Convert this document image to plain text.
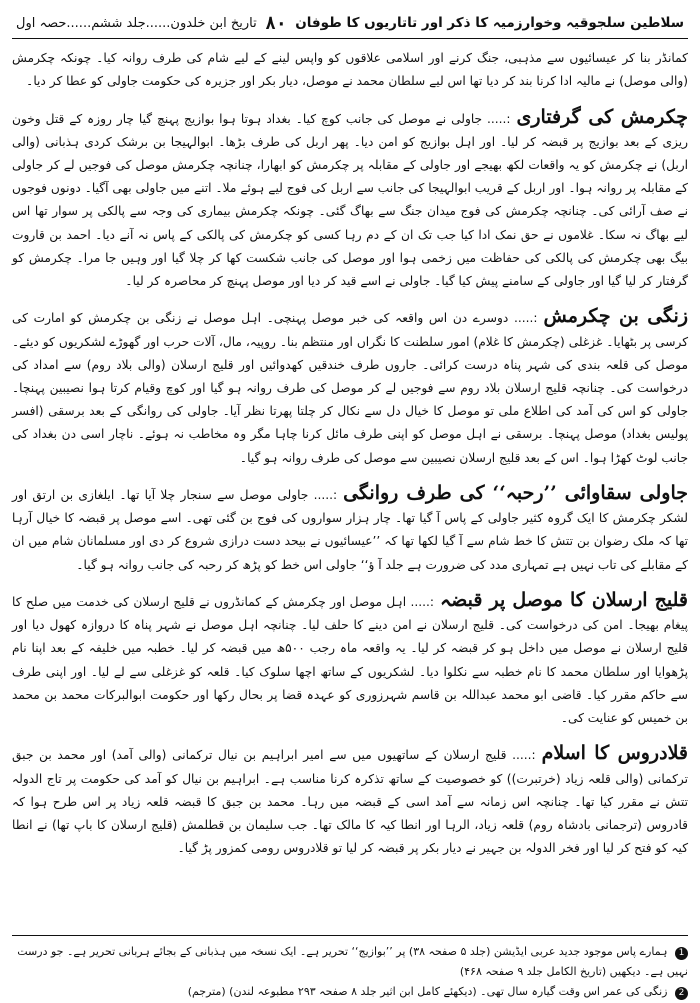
سلاطین سلجوقیہ وخوارزمیہ کا ذکر اور تاتاریوں کا طوفان
۸۰
تاریخ ابن خلدون......جلد ششم......حصہ اول

کمانڈر بنا کر عیسائیوں سے مذہبی، جنگ کرنے اور اسلامی علاقوں کو واپس لینے کے لیے شام کی طرف روانہ کیا۔ چونکہ چکرمش (والی موصل) نے مالیہ ادا کرنا بند کر دیا تھا اس لیے سلطان محمد نے موصل، دیار بکر اور جزیرہ کی حکومت جاولی کو عطا کر دیا۔

چکرمش کی گرفتاری:..... جاولی نے موصل کی جانب کوچ کیا۔ بغداد ہوتا ہوا بوازیج پہنچ گیا چار روزہ کے قتل وخون ریزی کے بعد بوازیج پر قبضہ کر لیا۔ اور اہل بوازیج کو امن دیا۔ پھر اربل کی طرف بڑھا۔ ابوالہیجا بن برشک کردی ہذبانی (والی اربل) نے چکرمش کو یہ واقعات لکھ بھیجے اور جاولی کے مقابلہ پر چکرمش کو ابھارا، چنانچہ چکرمش موصل کی فوجیں لے کر جاولی کے مقابلہ پر روانہ ہوا۔ اور اربل کے قریب ابوالہیجا کی جانب سے اربل کی فوج لیے ہوئے ملا۔ اتنے میں جاولی بھی آگیا۔ دونوں فوجوں نے صف آرائی کی۔ چنانچہ چکرمش کی فوج میدان جنگ سے بھاگ گئی۔ چونکہ چکرمش بیماری کی وجہ سے پالکی پر سوار تھا اس لیے بھاگ نہ سکا۔ غلاموں نے حق نمک ادا کیا جب تک ان کے دم رہا کسی کو چکرمش کی پالکی کے پاس نہ آنے دیا۔ احمد بن قاروت بیگ بھی چکرمش کی پالکی کی حفاظت میں زخمی ہوا اور موصل کی جانب شکست کھا کر چلا گیا اور وہیں جا مرا۔ چکرمش کو گرفتار کر لیا گیا اور جاولی کے سامنے پیش کیا گیا۔ جاولی نے اسے قید کر دیا اور موصل پہنچ کر محاصرہ کر لیا۔

زنگی بن چکرمش:..... دوسرے دن اس واقعہ کی خبر موصل پہنچی۔ اہل موصل نے زنگی بن چکرمش کو امارت کی کرسی پر بٹھایا۔ غزغلی (چکرمش کا غلام) امور سلطنت کا نگراں اور منتظم بنا۔ روپیہ، مال، آلات حرب اور گھوڑے لشکریوں کو دیئے۔ موصل کی قلعہ بندی کی شہر پناہ درست کرائی۔ جاروں طرف خندقیں کھدوائیں اور قلیج ارسلان (والی بلاد روم) سے امداد کی درخواست کی۔ چنانچہ قلیج ارسلان بلاد روم سے فوجیں لے کر موصل کی طرف روانہ ہو گیا اور کوچ وقیام کرتا ہوا نصیبین پہنچا۔ جاولی کو اس کی آمد کی اطلاع ملی تو موصل کا خیال دل سے نکال کر چلتا پھرتا نظر آیا۔ جاولی کی روانگی کے بعد برسقی (افسر پولیس بغداد) موصل پہنچا۔ برسقی نے اہل موصل کو اپنی طرف مائل کرنا چاہا مگر وہ مخاطب نہ ہوئے۔ ناچار اسی دن بغداد کی جانب لوٹ کھڑا ہوا۔ اس کے بعد قلیج ارسلان نصیبین سے موصل کی طرف روانہ ہو گیا۔

جاولی سقاوائی ’’رحبہ‘‘ کی طرف روانگی:..... جاولی موصل سے سنجار چلا آیا تھا۔ ایلغازی بن ارتق اور لشکر چکرمش کا ایک گروہ کثیر جاولی کے پاس آ گیا تھا۔ چار ہزار سواروں کی فوج بن گئی تھی۔ اسے موصل پر قبضہ کا خیال آرہا تھا کہ ملک رضوان بن تتش کا خط شام سے آ گیا لکھا تھا کہ ’’عیسائیوں نے بیحد دست درازی شروع کر دی اور مسلمانان شام میں ان کے مقابلے کی تاب نہیں ہے تمہاری مدد کی ضرورت ہے جلد آ ؤ‘‘ جاولی اس خط کو پڑھ کر رحبہ کی جانب روانہ ہو گیا۔

قلیج ارسلان کا موصل پر قبضہ:..... اہل موصل اور چکرمش کے کمانڈروں نے قلیج ارسلان کی خدمت میں صلح کا پیغام بھیجا۔ امن کی درخواست کی۔ قلیج ارسلان نے امن دینے کا حلف لیا۔ چنانچہ اہل موصل نے شہر پناہ کا دروازہ کھول دیا اور قلیج ارسلان نے موصل میں داخل ہو کر قبضہ کر لیا۔ یہ واقعہ ماہ رجب ۵۰۰ھ میں قبضہ کر لیا۔ خطبہ میں خلیفہ کے بعد اپنا نام پڑھوایا اور سلطان محمد کا نام خطبہ سے نکلوا دیا۔ لشکریوں کے ساتھ اچھا سلوک کیا۔ قلعہ کو غزغلی سے لے لیا۔ اور اپنی طرف سے حاکم مقرر کیا۔ قاضی ابو محمد عبداللہ بن قاسم شہرزوری کو عہدہ قضا پر بحال رکھا اور حکومت ابوالبرکات محمد بن محمد بن خمیس کو عنایت کی۔

قلادروس کا اسلام:..... قلیج ارسلان کے ساتھیوں میں سے امیر ابراہیم بن نیال ترکمانی (والی آمد) اور محمد بن جبق ترکمانی (والی قلعہ زیاد (خرتبرت)) کو خصوصیت کے ساتھ تذکرہ کرنا مناسب ہے۔ ابراہیم بن نیال کو آمد کی حکومت پر تاج الدولہ تتش نے مقرر کیا تھا۔ چنانچہ اس زمانہ سے آمد اسی کے قبضہ میں رہا۔ محمد بن جبق کا قبضہ قلعہ زیاد پر اس طرح ہوا کہ قادروس (ترجمانی بادشاہ روم) قلعہ زیاد، الرہا اور انطا کیہ کا مالک تھا۔ جب سلیمان بن قطلمش (قلیج ارسلان کا باپ تھا) نے انطا کیہ کو فتح کر لیا اور فخر الدولہ بن جہیر نے دیار بکر پر قبضہ کر لیا تو قلادروس رومی کمزور پڑ گیا۔

1 ہمارے پاس موجود جدید عربی ایڈیشن (جلد ۵ صفحہ ۳۸) پر ’’بوازیج‘‘ تحریر ہے۔ ایک نسخہ میں ہذبانی کے بجائے ہربانی تحریر ہے۔ جو درست نہیں ہے۔ دیکھیں (تاریخ الکامل جلد ۹ صفحہ ۴۶۸)

2 زنگی کی عمر اس وقت گیارہ سال تھی۔ (دیکھئے کامل ابن اثیر جلد ۸ صفحہ ۲۹۳ مطبوعہ لندن) (مترجم)
